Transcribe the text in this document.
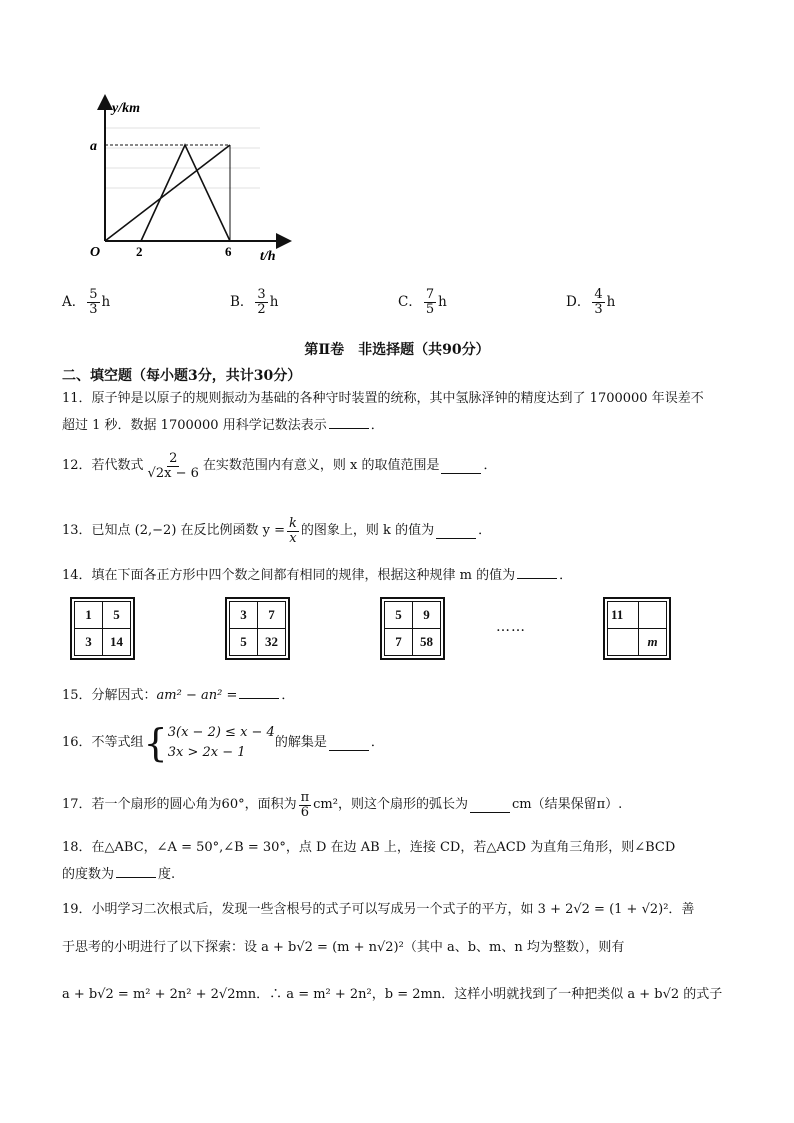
y/km
t/h
O
a
2	6
A． $\frac{5}{3}$ h	B． $\frac{3}{2}$ h	C． $\frac{7}{5}$ h	D． $\frac{4}{3}$ h
第Ⅱ卷　非选择题（共90分）
二、填空题（每小题3分，共计30分）
11．原子钟是以原子的规则振动为基础的各种守时装置的统称，其中氢脉泽钟的精度达到了 1700000 年误差不
超过 1 秒．数据 1700000 用科学记数法表示	．
12．若代数式 $\frac{2}{√2x - 6}$ 在实数范围内有意义，则 x 的取值范围是	．
13．已知点 (2,−2) 在反比例函数 $y = \frac{k}{x}$ 的图象上，则 k 的值为	．
14．填在下面各正方形中四个数之间都有相同的规律，根据这种规律 m 的值为	．
1	5
3	14
3	7
5	32
5	9
7	58
……
11	
	m
15．分解因式：am² − an² =	．
16．不等式组 { 3(x − 2) ≤ x − 4
3x > 2x − 1
的解集是	．
17．若一个扇形的圆心角为60°，面积为 $\frac{\pi}{6} cm^2$，则这个扇形的弧长为	cm（结果保留π）.
18．在△ABC，∠A = 50°,∠B = 30°，点 D 在边 AB 上，连接 CD，若△ACD 为直角三角形，则∠BCD
的度数为	度.
19．小明学习二次根式后，发现一些含根号的式子可以写成另一个式子的平方，如 3 + 2√2 = (1 + √2)²．善
于思考的小明进行了以下探索：设 a + b√2 = (m + n√2)²（其中 a、b、m、n 均为整数），则有
a + b√2 = m² + 2n² + 2√2mn．∴ a = m² + 2n²，b = 2mn．这样小明就找到了一种把类似 a + b√2 的式子
